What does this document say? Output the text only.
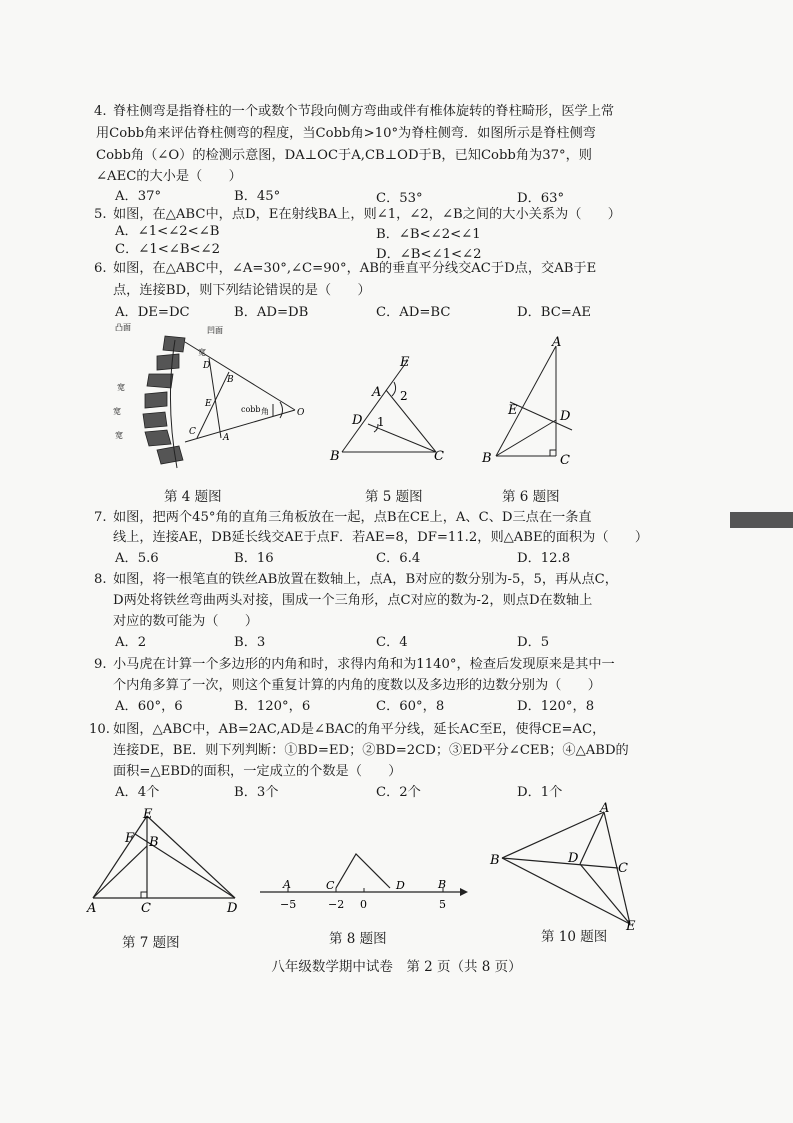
4. 脊柱侧弯是指脊柱的一个或数个节段向侧方弯曲或伴有椎体旋转的脊柱畸形，医学上常
用Cobb角来评估脊柱侧弯的程度，当Cobb角>10°为脊柱侧弯．如图所示是脊柱侧弯
Cobb角（∠O）的检测示意图，DA⊥OC于A,CB⊥OD于B，已知Cobb角为37°，则
∠AEC的大小是（　　）
A．37°	B．45°	C．53°	D．63°
5. 如图，在△ABC中，点D，E在射线BA上，则∠1，∠2，∠B之间的大小关系为（　　）
A．∠1<∠2<∠B	B．∠B<∠2<∠1
C．∠1<∠B<∠2	D．∠B<∠1<∠2
6. 如图，在△ABC中，∠A=30°,∠C=90°，AB的垂直平分线交AC于D点，交AB于E
点，连接BD，则下列结论错误的是（　　）
A．DE=DC	B．AD=DB	C．AD=BC	D．BC=AE
凸面	凹面
宽
宽
宽
宽
cobb 角	O
A
B
C
D
E
第 4 题图
E
A 2
D 1
B	C
第 5 题图
A
E	D
B	C
第 6 题图
7. 如图，把两个45°角的直角三角板放在一起，点B在CE上，A、C、D三点在一条直
线上，连接AE，DB延长线交AE于点F．若AE=8，DF=11.2，则△ABE的面积为（　　）
A．5.6	B．16	C．6.4	D．12.8
8. 如图，将一根笔直的铁丝AB放置在数轴上，点A，B对应的数分别为-5，5，再从点C，
D两处将铁丝弯曲两头对接，围成一个三角形，点C对应的数为-2，则点D在数轴上
对应的数可能为（　　）
A．2	B．3	C．4	D．5
9. 小马虎在计算一个多边形的内角和时，求得内角和为1140°，检查后发现原来是其中一
个内角多算了一次，则这个重复计算的内角的度数以及多边形的边数分别为（　　）
A．60°，6	B．120°，6	C．60°，8	D．120°，8
10. 如图，△ABC中，AB=2AC,AD是∠BAC的角平分线，延长AC至E，使得CE=AC，
连接DE，BE．则下列判断：①BD=ED；②BD=2CD；③ED平分∠CEB；④△ABD的
面积=△EBD的面积，一定成立的个数是（　　）
A．4个	B．3个	C．2个	D．1个
E
F B
A	C	D
第 7 题图
A	C	D	B
−5	−2 0	5
第 8 题图
A
B	D
C
E
第 10 题图
八年级数学期中试卷　第 2 页（共 8 页）
